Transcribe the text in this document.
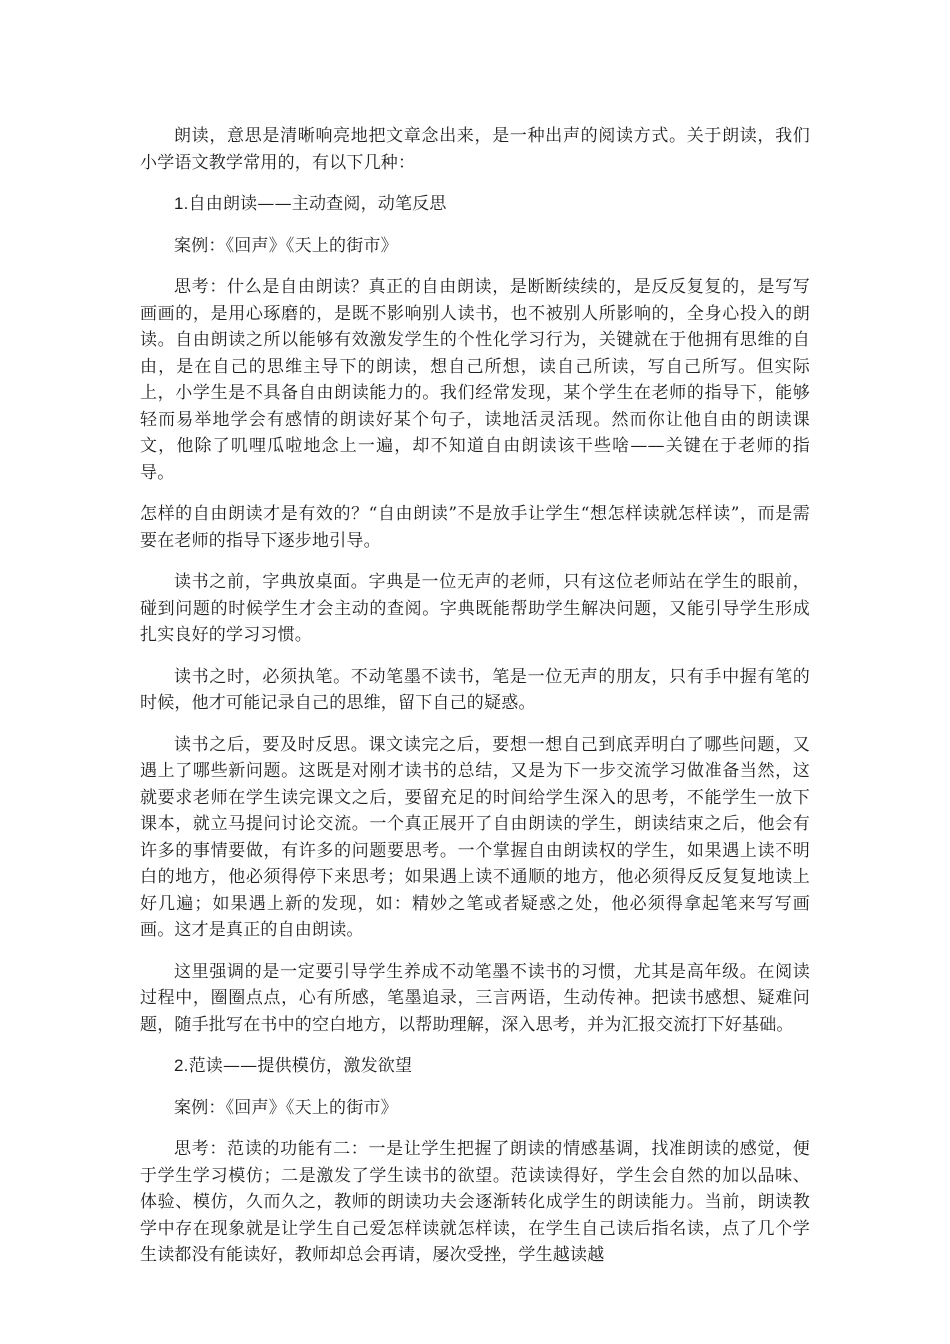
朗读，意思是清晰响亮地把文章念出来，是一种出声的阅读方式。关于朗读，我们小学语文教学常用的，有以下几种：

1.自由朗读——主动查阅，动笔反思

案例：《回声》《天上的街市》

思考：什么是自由朗读？真正的自由朗读，是断断续续的，是反反复复的，是写写画画的，是用心琢磨的，是既不影响别人读书，也不被别人所影响的，全身心投入的朗读。自由朗读之所以能够有效激发学生的个性化学习行为，关键就在于他拥有思维的自由，是在自己的思维主导下的朗读，想自己所想，读自己所读，写自己所写。但实际上，小学生是不具备自由朗读能力的。我们经常发现，某个学生在老师的指导下，能够轻而易举地学会有感情的朗读好某个句子，读地活灵活现。然而你让他自由的朗读课文，他除了叽哩瓜啦地念上一遍，却不知道自由朗读该干些啥——关键在于老师的指导。

怎样的自由朗读才是有效的？“自由朗读”不是放手让学生“想怎样读就怎样读”，而是需要在老师的指导下逐步地引导。

读书之前，字典放桌面。字典是一位无声的老师，只有这位老师站在学生的眼前，碰到问题的时候学生才会主动的查阅。字典既能帮助学生解决问题，又能引导学生形成扎实良好的学习习惯。

读书之时，必须执笔。不动笔墨不读书，笔是一位无声的朋友，只有手中握有笔的时候，他才可能记录自己的思维，留下自己的疑惑。

读书之后，要及时反思。课文读完之后，要想一想自己到底弄明白了哪些问题，又遇上了哪些新问题。这既是对刚才读书的总结，又是为下一步交流学习做准备当然，这就要求老师在学生读完课文之后，要留充足的时间给学生深入的思考，不能学生一放下课本，就立马提问讨论交流。一个真正展开了自由朗读的学生，朗读结束之后，他会有许多的事情要做，有许多的问题要思考。一个掌握自由朗读权的学生，如果遇上读不明白的地方，他必须得停下来思考；如果遇上读不通顺的地方，他必须得反反复复地读上好几遍；如果遇上新的发现，如：精妙之笔或者疑惑之处，他必须得拿起笔来写写画画。这才是真正的自由朗读。

这里强调的是一定要引导学生养成不动笔墨不读书的习惯，尤其是高年级。在阅读过程中，圈圈点点，心有所感，笔墨追录，三言两语，生动传神。把读书感想、疑难问题，随手批写在书中的空白地方，以帮助理解，深入思考，并为汇报交流打下好基础。

2.范读——提供模仿，激发欲望

案例：《回声》《天上的街市》

思考：范读的功能有二：一是让学生把握了朗读的情感基调，找准朗读的感觉，便于学生学习模仿；二是激发了学生读书的欲望。范读读得好，学生会自然的加以品味、体验、模仿，久而久之，教师的朗读功夫会逐渐转化成学生的朗读能力。当前，朗读教学中存在现象就是让学生自己爱怎样读就怎样读，在学生自己读后指名读，点了几个学生读都没有能读好，教师却总会再请，屡次受挫，学生越读越
